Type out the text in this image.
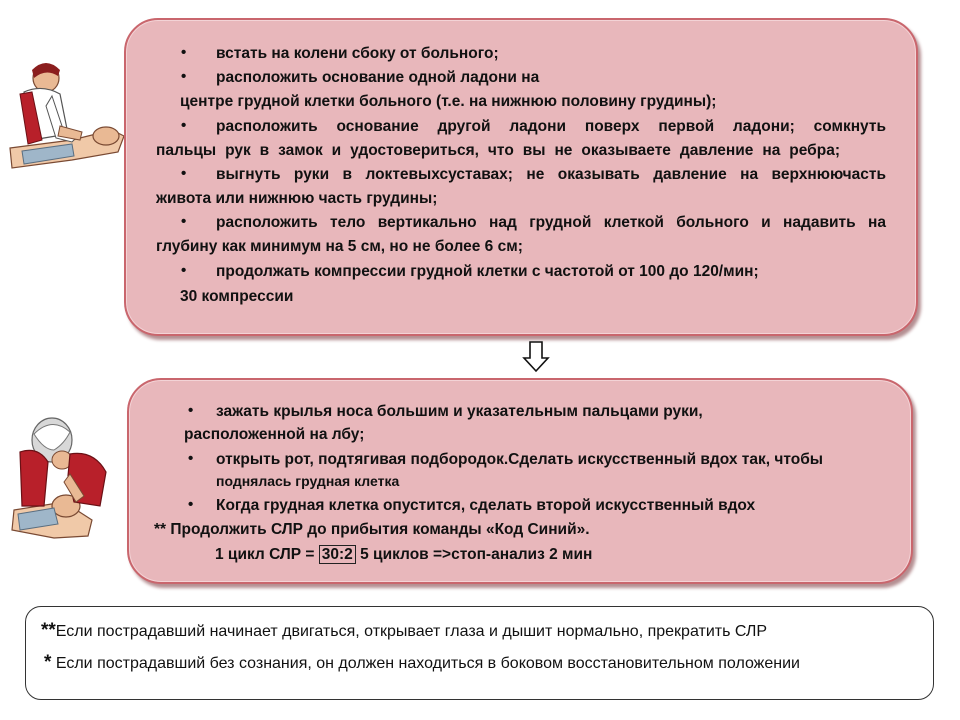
• встать на колени сбоку от больного;
• расположить основание одной ладони на
центре грудной клетки больного (т.е. на нижнюю половину грудины);
• расположить основание другой ладони поверх первой ладони; сомкнуть
пальцы рук в замок и удостовериться, что вы не оказываете давление на ребра;
• выгнуть руки в локтевыхсуставах; не оказывать давление на верхнюючасть
живота или нижнюю часть грудины;
• расположить тело вертикально над грудной клеткой больного и надавить на
глубину как минимум на 5 см, но не более 6 см;
• продолжать компрессии грудной клетки с частотой от 100 до 120/мин;
30 компрессии
• зажать крылья носа большим и указательным пальцами руки,
расположенной на лбу;
• открыть рот, подтягивая подбородок.Сделать искусственный вдох так, чтобы
поднялась грудная клетка
• Когда грудная клетка опустится, сделать второй искусственный вдох
** Продолжить СЛР до прибытия команды «Код Синий».
1 цикл СЛР = 30:2 5 циклов =>стоп-анализ 2 мин
**Если пострадавший начинает двигаться, открывает глаза и дышит нормально, прекратить СЛР
* Если пострадавший без сознания, он должен находиться в боковом восстановительном положении
